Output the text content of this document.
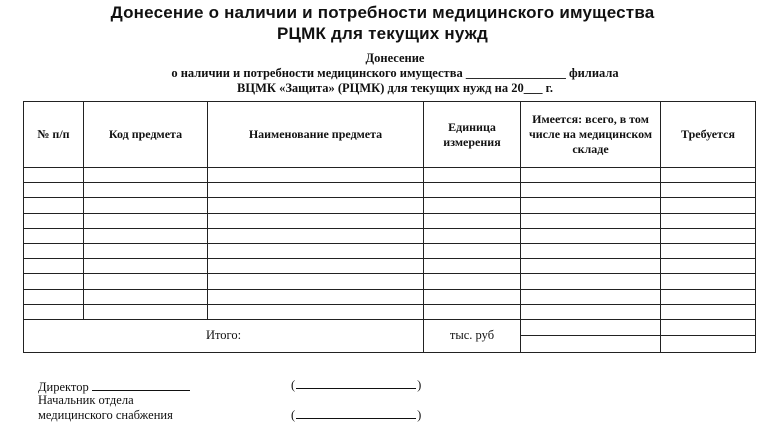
Донесение о наличии и потребности медицинского имущества
РЦМК для текущих нужд
Донесение
о наличии и потребности медицинского имущества ________________ филиала
ВЦМК «Защита» (РЦМК) для текущих нужд на 20___ г.
№ п/п	Код предмета	Наименование предмета	Единица измерения	Имеется: всего, в том числе на медицинском складе	Требуется

Итого:			тыс. руб		

Директор
Начальник отдела
медицинского снабжения
(	)
(	)
